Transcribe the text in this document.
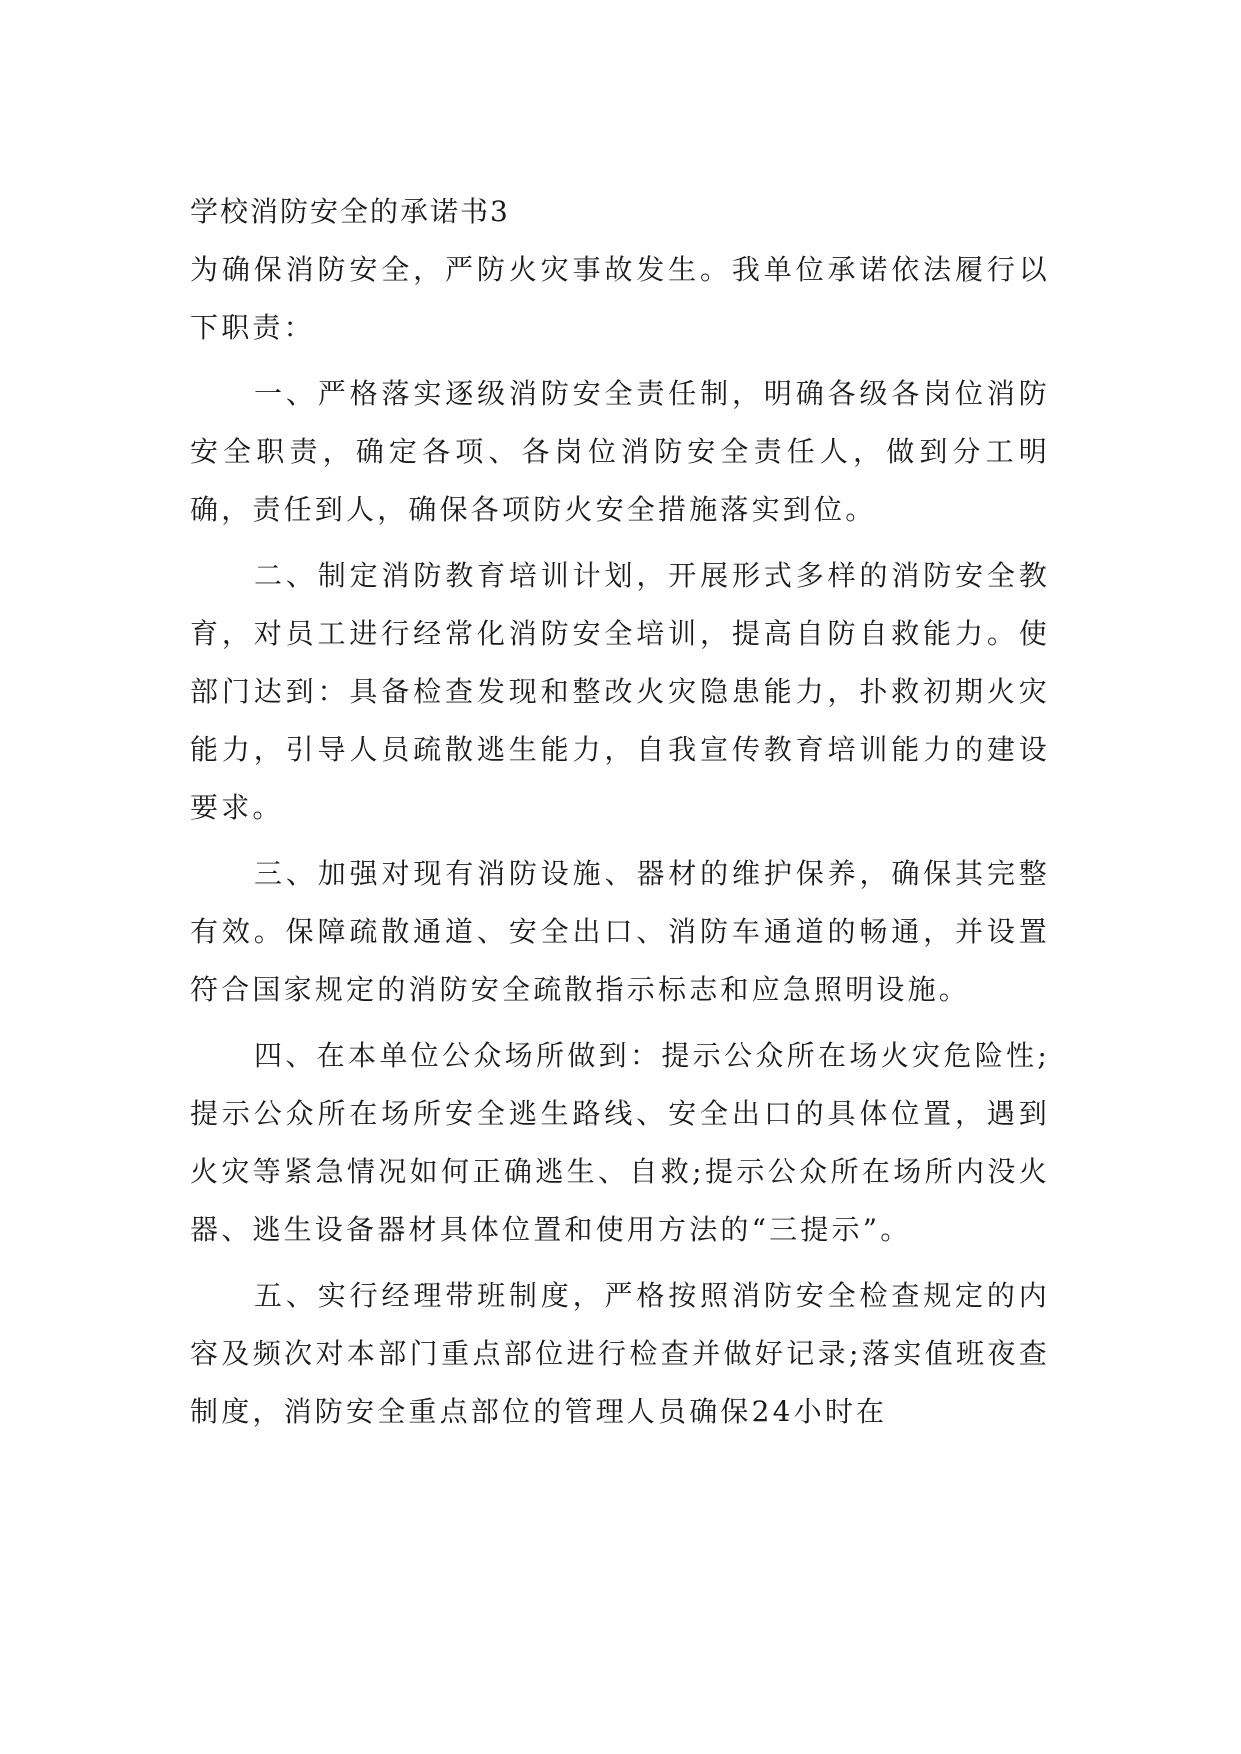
学校消防安全的承诺书3

为确保消防安全，严防火灾事故发生。我单位承诺依法履行以下职责：

一、严格落实逐级消防安全责任制，明确各级各岗位消防安全职责，确定各项、各岗位消防安全责任人，做到分工明确，责任到人，确保各项防火安全措施落实到位。

二、制定消防教育培训计划，开展形式多样的消防安全教育，对员工进行经常化消防安全培训，提高自防自救能力。使部门达到：具备检查发现和整改火灾隐患能力，扑救初期火灾能力，引导人员疏散逃生能力，自我宣传教育培训能力的建设要求。

三、加强对现有消防设施、器材的维护保养，确保其完整有效。保障疏散通道、安全出口、消防车通道的畅通，并设置符合国家规定的消防安全疏散指示标志和应急照明设施。

四、在本单位公众场所做到：提示公众所在场火灾危险性;提示公众所在场所安全逃生路线、安全出口的具体位置，遇到火灾等紧急情况如何正确逃生、自救;提示公众所在场所内没火器、逃生设备器材具体位置和使用方法的“三提示”。

五、实行经理带班制度，严格按照消防安全检查规定的内容及频次对本部门重点部位进行检查并做好记录;落实值班夜查制度，消防安全重点部位的管理人员确保24小时在
